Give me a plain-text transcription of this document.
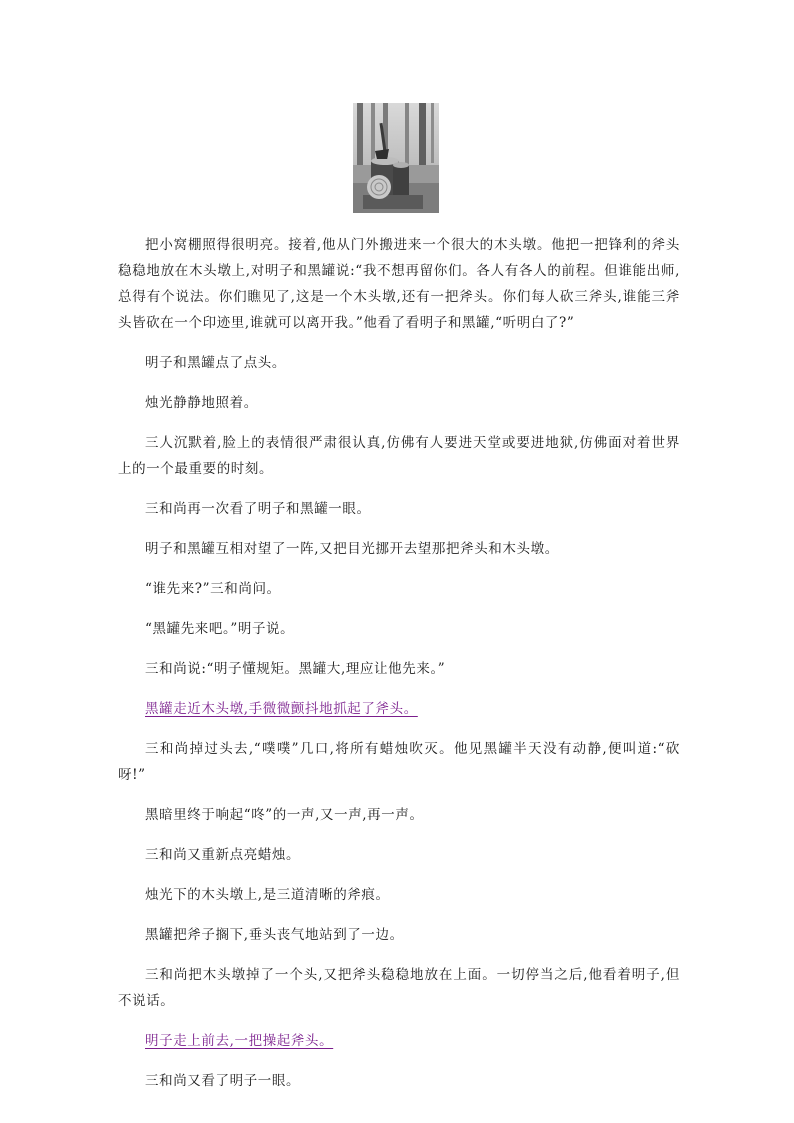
把小窝棚照得很明亮。接着,他从门外搬进来一个很大的木头墩。他把一把锋利的斧头稳稳地放在木头墩上,对明子和黑罐说:“我不想再留你们。各人有各人的前程。但谁能出师,总得有个说法。你们瞧见了,这是一个木头墩,还有一把斧头。你们每人砍三斧头,谁能三斧头皆砍在一个印迹里,谁就可以离开我。”他看了看明子和黑罐,“听明白了?”

明子和黑罐点了点头。

烛光静静地照着。

三人沉默着,脸上的表情很严肃很认真,仿佛有人要进天堂或要进地狱,仿佛面对着世界上的一个最重要的时刻。

三和尚再一次看了明子和黑罐一眼。

明子和黑罐互相对望了一阵,又把目光挪开去望那把斧头和木头墩。

“谁先来?”三和尚问。

“黑罐先来吧。”明子说。

三和尚说:“明子懂规矩。黑罐大,理应让他先来。”

黑罐走近木头墩,手微微颤抖地抓起了斧头。

三和尚掉过头去,“噗噗”几口,将所有蜡烛吹灭。他见黑罐半天没有动静,便叫道:“砍呀!”

黑暗里终于响起“咚”的一声,又一声,再一声。

三和尚又重新点亮蜡烛。

烛光下的木头墩上,是三道清晰的斧痕。

黑罐把斧子搁下,垂头丧气地站到了一边。

三和尚把木头墩掉了一个头,又把斧头稳稳地放在上面。一切停当之后,他看着明子,但不说话。

明子走上前去,一把操起斧头。

三和尚又看了明子一眼。
